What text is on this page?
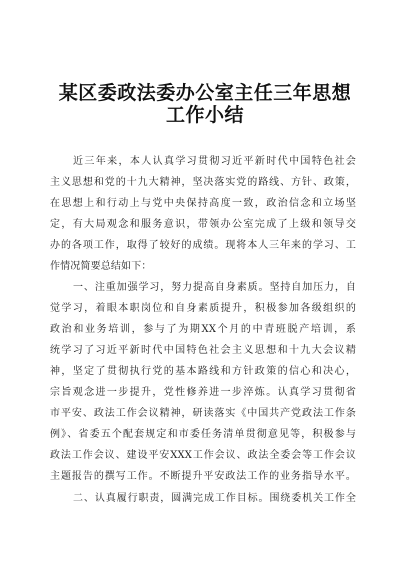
某区委政法委办公室主任三年思想
工作小结
近三年来，本人认真学习贯彻习近平新时代中国特色社会
主义思想和党的十九大精神，坚决落实党的路线、方针、政策，
在思想上和行动上与党中央保持高度一致，政治信念和立场坚
定，有大局观念和服务意识，带领办公室完成了上级和领导交
办的各项工作，取得了较好的成绩。现将本人三年来的学习、工
作情况简要总结如下：
一、注重加强学习，努力提高自身素质。坚持自加压力，自
觉学习，着眼本职岗位和自身素质提升，积极参加各级组织的
政治和业务培训，参与了为期XX个月的中青班脱产培训，系
统学习了习近平新时代中国特色社会主义思想和十九大会议精
神，坚定了贯彻执行党的基本路线和方针政策的信心和决心，
宗旨观念进一步提升，党性修养进一步淬炼。认真学习贯彻省
市平安、政法工作会议精神，研读落实《中国共产党政法工作条
例》、省委五个配套规定和市委任务清单贯彻意见等，积极参与
政法工作会议、建设平安XXX工作会议、政法全委会等工作会议
主题报告的撰写工作。不断提升平安政法工作的业务指导水平。
二、认真履行职责，圆满完成工作目标。围绕委机关工作全
